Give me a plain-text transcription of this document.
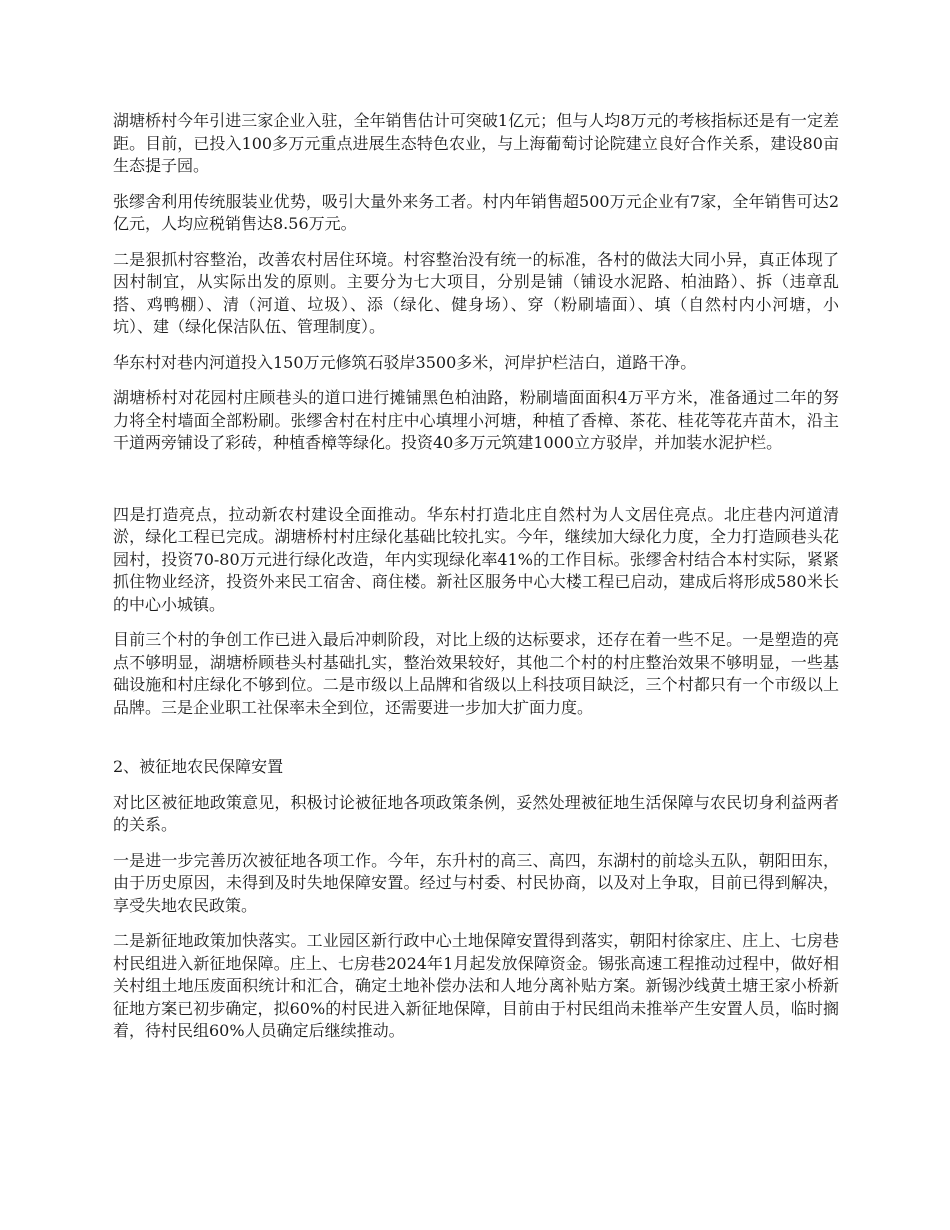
湖塘桥村今年引进三家企业入驻，全年销售估计可突破1亿元；但与人均8万元的考核指标还是有一定差距。目前，已投入100多万元重点进展生态特色农业，与上海葡萄讨论院建立良好合作关系，建设80亩生态提子园。

张缪舍利用传统服装业优势，吸引大量外来务工者。村内年销售超500万元企业有7家，全年销售可达2亿元，人均应税销售达8.56万元。

二是狠抓村容整治，改善农村居住环境。村容整治没有统一的标准，各村的做法大同小异，真正体现了因村制宜，从实际出发的原则。主要分为七大项目，分别是铺（铺设水泥路、柏油路）、拆（违章乱搭、鸡鸭棚）、清（河道、垃圾）、添（绿化、健身场）、穿（粉刷墙面）、填（自然村内小河塘，小坑）、建（绿化保洁队伍、管理制度）。

华东村对巷内河道投入150万元修筑石驳岸3500多米，河岸护栏洁白，道路干净。

湖塘桥村对花园村庄顾巷头的道口进行摊铺黑色柏油路，粉刷墙面面积4万平方米，准备通过二年的努力将全村墙面全部粉刷。张缪舍村在村庄中心填埋小河塘，种植了香樟、茶花、桂花等花卉苗木，沿主干道两旁铺设了彩砖，种植香樟等绿化。投资40多万元筑建1000立方驳岸，并加装水泥护栏。

四是打造亮点，拉动新农村建设全面推动。华东村打造北庄自然村为人文居住亮点。北庄巷内河道清淤，绿化工程已完成。湖塘桥村村庄绿化基础比较扎实。今年，继续加大绿化力度，全力打造顾巷头花园村，投资70-80万元进行绿化改造，年内实现绿化率41%的工作目标。张缪舍村结合本村实际，紧紧抓住物业经济，投资外来民工宿舍、商住楼。新社区服务中心大楼工程已启动，建成后将形成580米长的中心小城镇。

目前三个村的争创工作已进入最后冲刺阶段，对比上级的达标要求，还存在着一些不足。一是塑造的亮点不够明显，湖塘桥顾巷头村基础扎实，整治效果较好，其他二个村的村庄整治效果不够明显，一些基础设施和村庄绿化不够到位。二是市级以上品牌和省级以上科技项目缺泛，三个村都只有一个市级以上品牌。三是企业职工社保率未全到位，还需要进一步加大扩面力度。

2、被征地农民保障安置

对比区被征地政策意见，积极讨论被征地各项政策条例，妥然处理被征地生活保障与农民切身利益两者的关系。

一是进一步完善历次被征地各项工作。今年，东升村的高三、高四，东湖村的前埝头五队，朝阳田东，由于历史原因，未得到及时失地保障安置。经过与村委、村民协商，以及对上争取，目前已得到解决，享受失地农民政策。

二是新征地政策加快落实。工业园区新行政中心土地保障安置得到落实，朝阳村徐家庄、庄上、七房巷村民组进入新征地保障。庄上、七房巷2024年1月起发放保障资金。锡张高速工程推动过程中，做好相关村组土地压废面积统计和汇合，确定土地补偿办法和人地分离补贴方案。新锡沙线黄土塘王家小桥新征地方案已初步确定，拟60%的村民进入新征地保障，目前由于村民组尚未推举产生安置人员，临时搁着，待村民组60%人员确定后继续推动。
